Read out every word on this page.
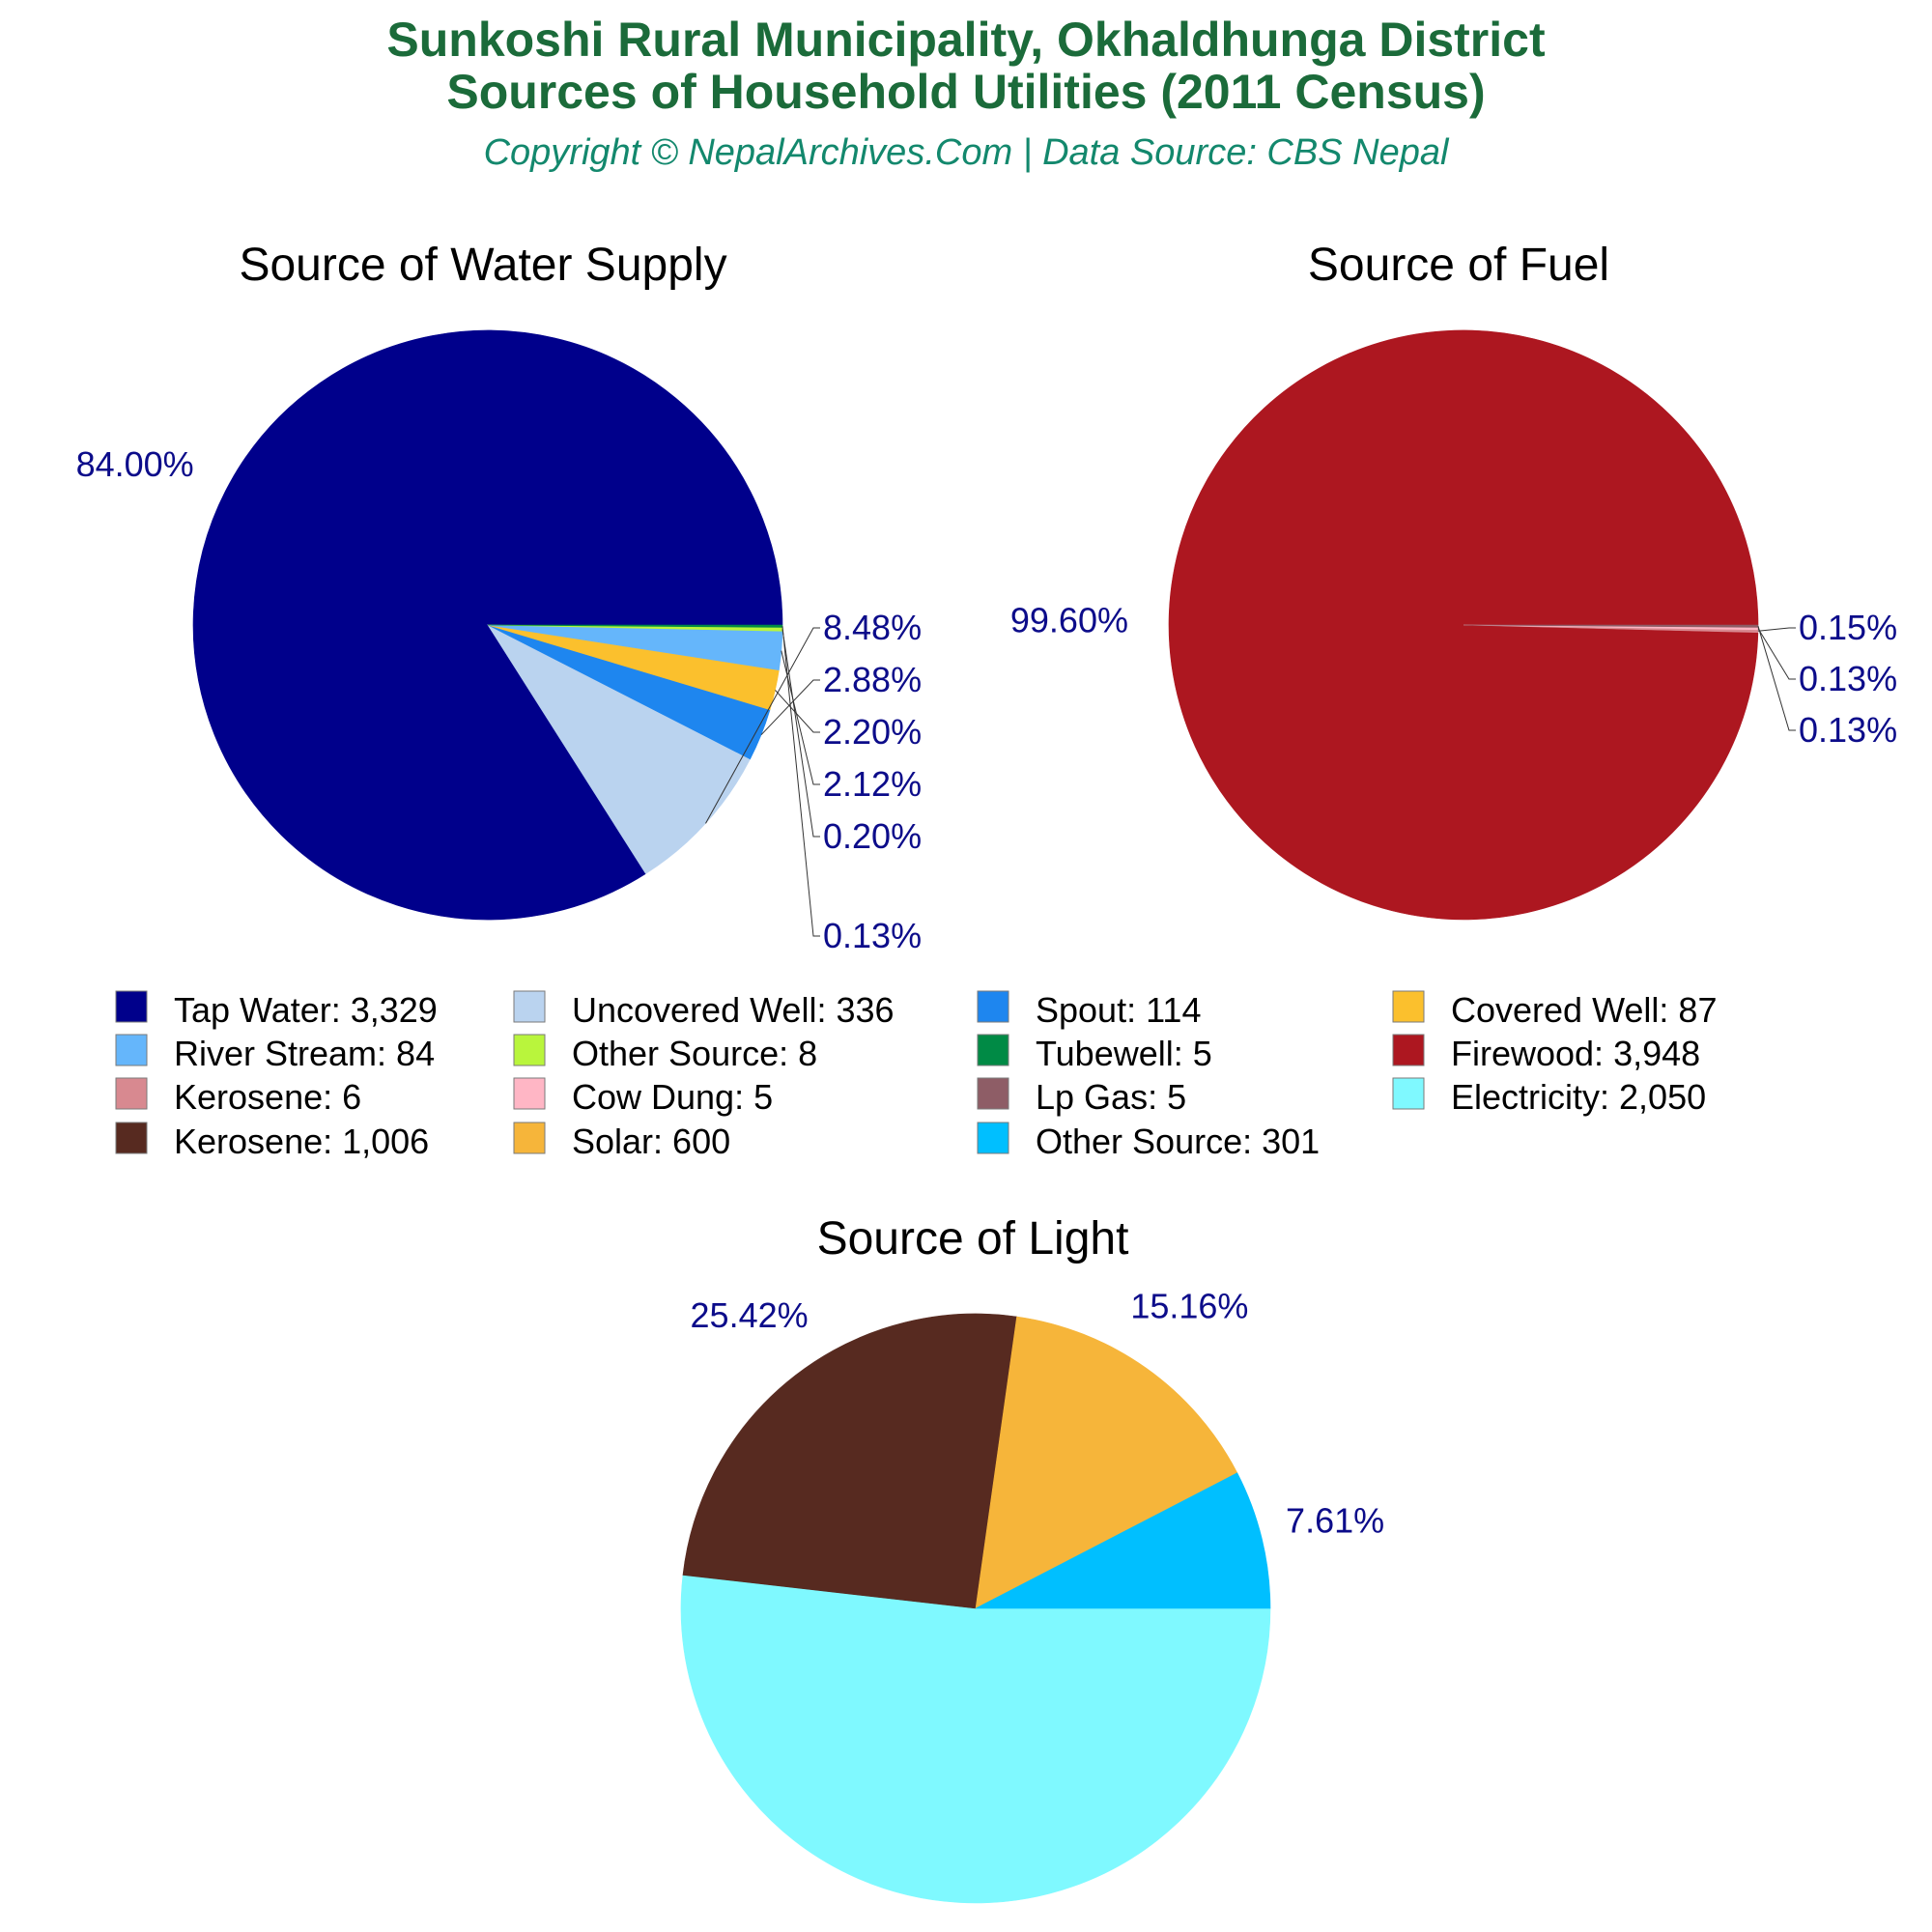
Sunkoshi Rural Municipality, Okhaldhunga District
Sources of Household Utilities (2011 Census)
Copyright © NepalArchives.Com | Data Source: CBS Nepal
Source of Water Supply	Source of Fuel
Source of Light
84.00%
8.48%
2.88%
2.20%
2.12%
0.20%
0.13%
99.60%	0.15%
0.13%
0.13%
25.42%	15.16%
7.61%
Tap Water: 3,329	Uncovered Well: 336	Spout: 114	Covered Well: 87
River Stream: 84	Other Source: 8	Tubewell: 5	Firewood: 3,948
Kerosene: 6	Cow Dung: 5	Lp Gas: 5	Electricity: 2,050
Kerosene: 1,006	Solar: 600	Other Source: 301
